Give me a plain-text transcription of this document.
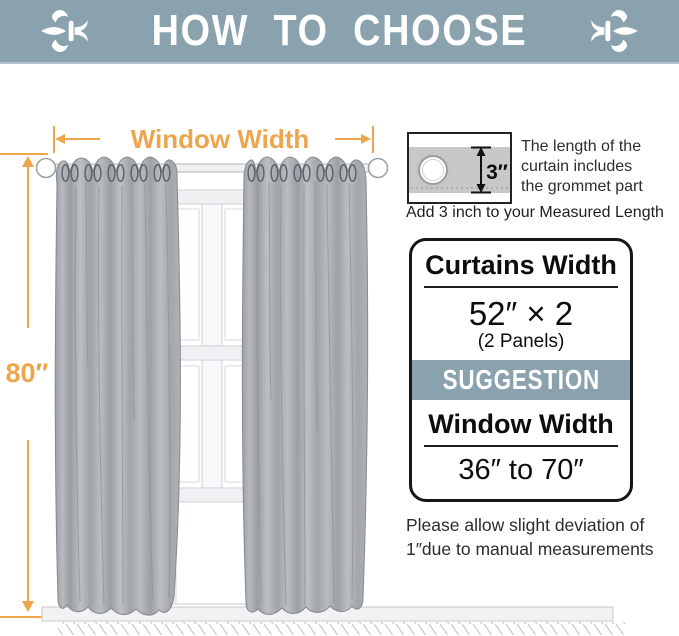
HOW TO CHOOSE
Window Width
80″
3″
The length of the
curtain includes
the grommet part
Add 3 inch to your Measured Length
Curtains Width
52″ × 2
(2 Panels)
SUGGESTION
Window Width
36″ to 70″
Please allow slight deviation of
1″due to manual measurements
